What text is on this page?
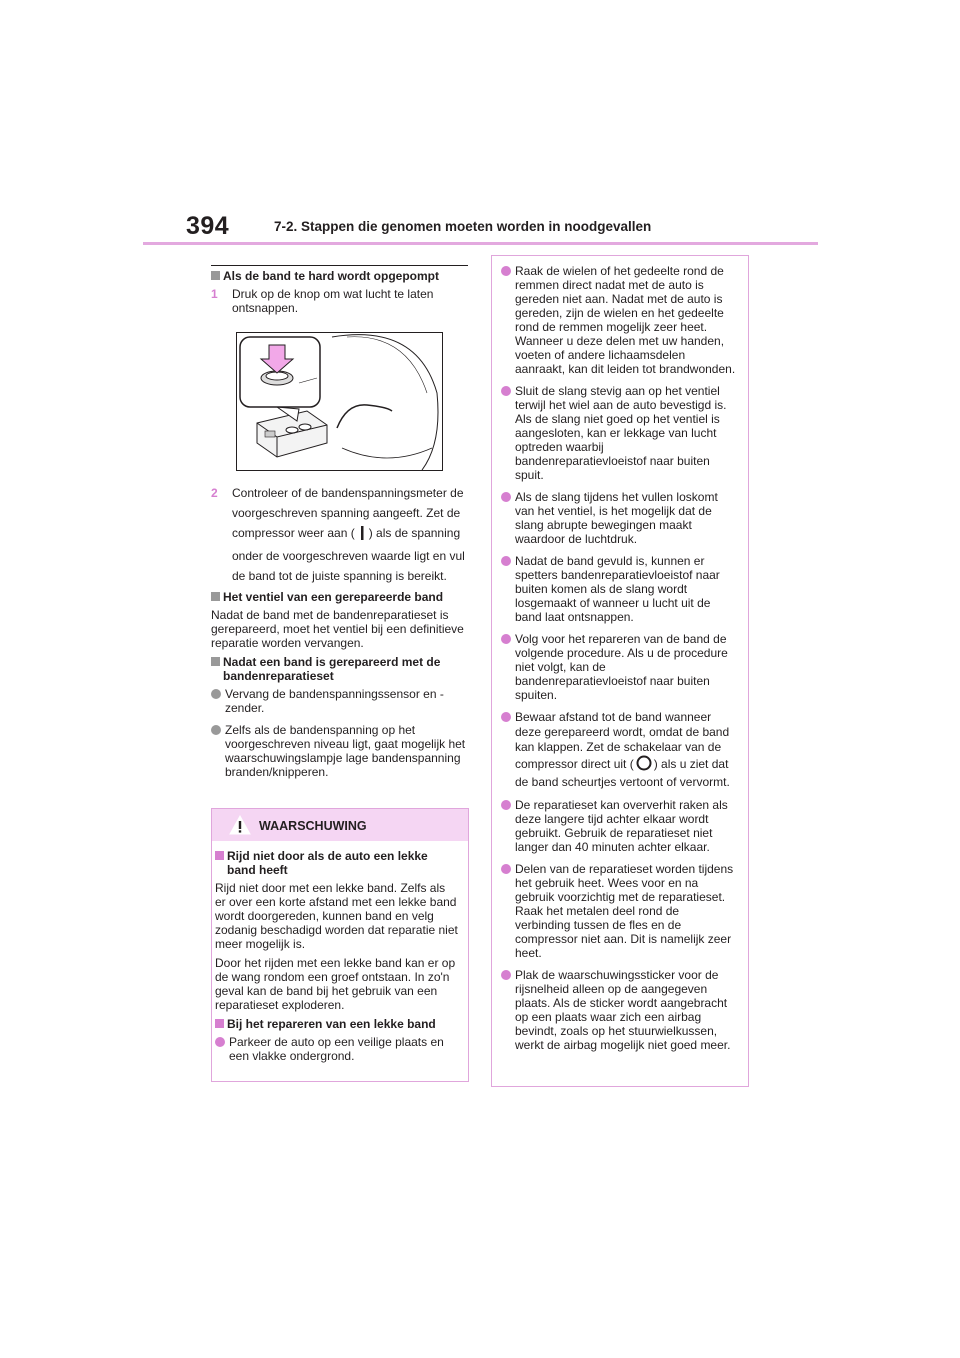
394	7-2. Stappen die genomen moeten worden in noodgevallen
Als de band te hard wordt opgepompt
1 Druk op de knop om wat lucht te laten ontsnappen.
2 Controleer of de bandenspanningsmeter de voorgeschreven spanning aangeeft. Zet de compressor weer aan ( ) als de spanning onder de voorgeschreven waarde ligt en vul de band tot de juiste spanning is bereikt.
Het ventiel van een gerepareerde band
Nadat de band met de bandenreparatieset is gerepareerd, moet het ventiel bij een definitieve reparatie worden vervangen.
Nadat een band is gerepareerd met de bandenreparatieset
Vervang de bandenspanningssensor en -zender.
Zelfs als de bandenspanning op het voorgeschreven niveau ligt, gaat mogelijk het waarschuwingslampje lage bandenspanning branden/knipperen.
WAARSCHUWING
Rijd niet door als de auto een lekke band heeft
Rijd niet door met een lekke band. Zelfs als er over een korte afstand met een lekke band wordt doorgereden, kunnen band en velg zodanig beschadigd worden dat reparatie niet meer mogelijk is.
Door het rijden met een lekke band kan er op de wang rondom een groef ontstaan. In zo'n geval kan de band bij het gebruik van een reparatieset exploderen.
Bij het repareren van een lekke band
Parkeer de auto op een veilige plaats en een vlakke ondergrond.
Raak de wielen of het gedeelte rond de remmen direct nadat met de auto is gereden niet aan. Nadat met de auto is gereden, zijn de wielen en het gedeelte rond de remmen mogelijk zeer heet. Wanneer u deze delen met uw handen, voeten of andere lichaamsdelen aanraakt, kan dit leiden tot brandwonden.
Sluit de slang stevig aan op het ventiel terwijl het wiel aan de auto bevestigd is. Als de slang niet goed op het ventiel is aangesloten, kan er lekkage van lucht optreden waarbij bandenreparatievloeistof naar buiten spuit.
Als de slang tijdens het vullen loskomt van het ventiel, is het mogelijk dat de slang abrupte bewegingen maakt waardoor de luchtdruk.
Nadat de band gevuld is, kunnen er spetters bandenreparatievloeistof naar buiten komen als de slang wordt losgemaakt of wanneer u lucht uit de band laat ontsnappen.
Volg voor het repareren van de band de volgende procedure. Als u de procedure niet volgt, kan de bandenreparatievloeistof naar buiten spuiten.
Bewaar afstand tot de band wanneer deze gerepareerd wordt, omdat de band kan klappen. Zet de schakelaar van de compressor direct uit ( ) als u ziet dat de band scheurtjes vertoont of vervormt.
De reparatieset kan oververhit raken als deze langere tijd achter elkaar wordt gebruikt. Gebruik de reparatieset niet langer dan 40 minuten achter elkaar.
Delen van de reparatieset worden tijdens het gebruik heet. Wees voor en na gebruik voorzichtig met de reparatieset. Raak het metalen deel rond de verbinding tussen de fles en de compressor niet aan. Dit is namelijk zeer heet.
Plak de waarschuwingssticker voor de rijsnelheid alleen op de aangegeven plaats. Als de sticker wordt aangebracht op een plaats waar zich een airbag bevindt, zoals op het stuurwielkussen, werkt de airbag mogelijk niet goed meer.
